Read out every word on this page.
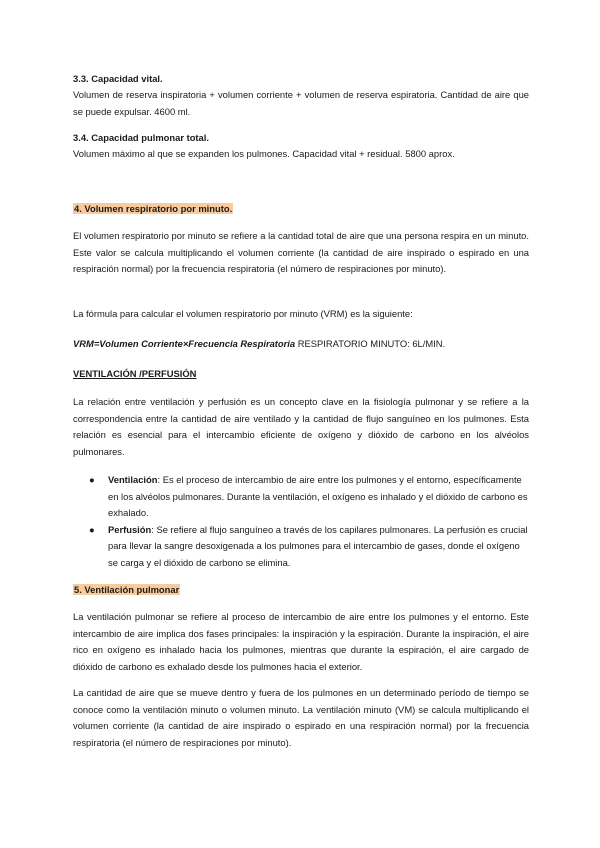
3.3. Capacidad vital.

Volumen de reserva inspiratoria + volumen corriente + volumen de reserva espiratoria. Cantidad de aire que se puede expulsar. 4600 ml.

3.4. Capacidad pulmonar total.

Volumen máximo al que se expanden los pulmones. Capacidad vital + residual. 5800 aprox.

4. Volumen respiratorio por minuto.

El volumen respiratorio por minuto se refiere a la cantidad total de aire que una persona respira en un minuto. Este valor se calcula multiplicando el volumen corriente (la cantidad de aire inspirado o espirado en una respiración normal) por la frecuencia respiratoria (el número de respiraciones por minuto).

La fórmula para calcular el volumen respiratorio por minuto (VRM) es la siguiente:

VRM=Volumen Corriente×Frecuencia Respiratoria RESPIRATORIO MINUTO: 6L/MIN.

VENTILACIÓN /PERFUSIÓN

La relación entre ventilación y perfusión es un concepto clave en la fisiología pulmonar y se refiere a la correspondencia entre la cantidad de aire ventilado y la cantidad de flujo sanguíneo en los pulmones. Esta relación es esencial para el intercambio eficiente de oxígeno y dióxido de carbono en los alvéolos pulmonares.

● Ventilación: Es el proceso de intercambio de aire entre los pulmones y el entorno, específicamente en los alvéolos pulmonares. Durante la ventilación, el oxígeno es inhalado y el dióxido de carbono es exhalado.
● Perfusión: Se refiere al flujo sanguíneo a través de los capilares pulmonares. La perfusión es crucial para llevar la sangre desoxigenada a los pulmones para el intercambio de gases, donde el oxígeno se carga y el dióxido de carbono se elimina.

5. Ventilación pulmonar

La ventilación pulmonar se refiere al proceso de intercambio de aire entre los pulmones y el entorno. Este intercambio de aire implica dos fases principales: la inspiración y la espiración. Durante la inspiración, el aire rico en oxígeno es inhalado hacia los pulmones, mientras que durante la espiración, el aire cargado de dióxido de carbono es exhalado desde los pulmones hacia el exterior.

La cantidad de aire que se mueve dentro y fuera de los pulmones en un determinado período de tiempo se conoce como la ventilación minuto o volumen minuto. La ventilación minuto (VM) se calcula multiplicando el volumen corriente (la cantidad de aire inspirado o espirado en una respiración normal) por la frecuencia respiratoria (el número de respiraciones por minuto).
